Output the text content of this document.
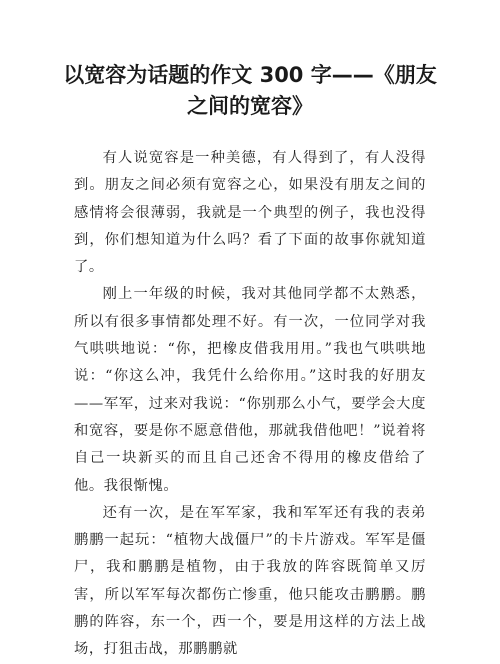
以宽容为话题的作文 300 字——《朋友之间的宽容》

有人说宽容是一种美德，有人得到了，有人没得到。朋友之间必须有宽容之心，如果没有朋友之间的感情将会很薄弱，我就是一个典型的例子，我也没得到，你们想知道为什么吗？看了下面的故事你就知道了。

刚上一年级的时候，我对其他同学都不太熟悉，所以有很多事情都处理不好。有一次，一位同学对我气哄哄地说：“你，把橡皮借我用用。”我也气哄哄地说：“你这么冲，我凭什么给你用。”这时我的好朋友——军军，过来对我说：“你别那么小气，要学会大度和宽容，要是你不愿意借他，那就我借他吧！”说着将自己一块新买的而且自己还舍不得用的橡皮借给了他。我很惭愧。

还有一次，是在军军家，我和军军还有我的表弟鹏鹏一起玩：“植物大战僵尸”的卡片游戏。军军是僵尸，我和鹏鹏是植物，由于我放的阵容既简单又厉害，所以军军每次都伤亡惨重，他只能攻击鹏鹏。鹏鹏的阵容，东一个，西一个，要是用这样的方法上战场，打狙击战，那鹏鹏就
